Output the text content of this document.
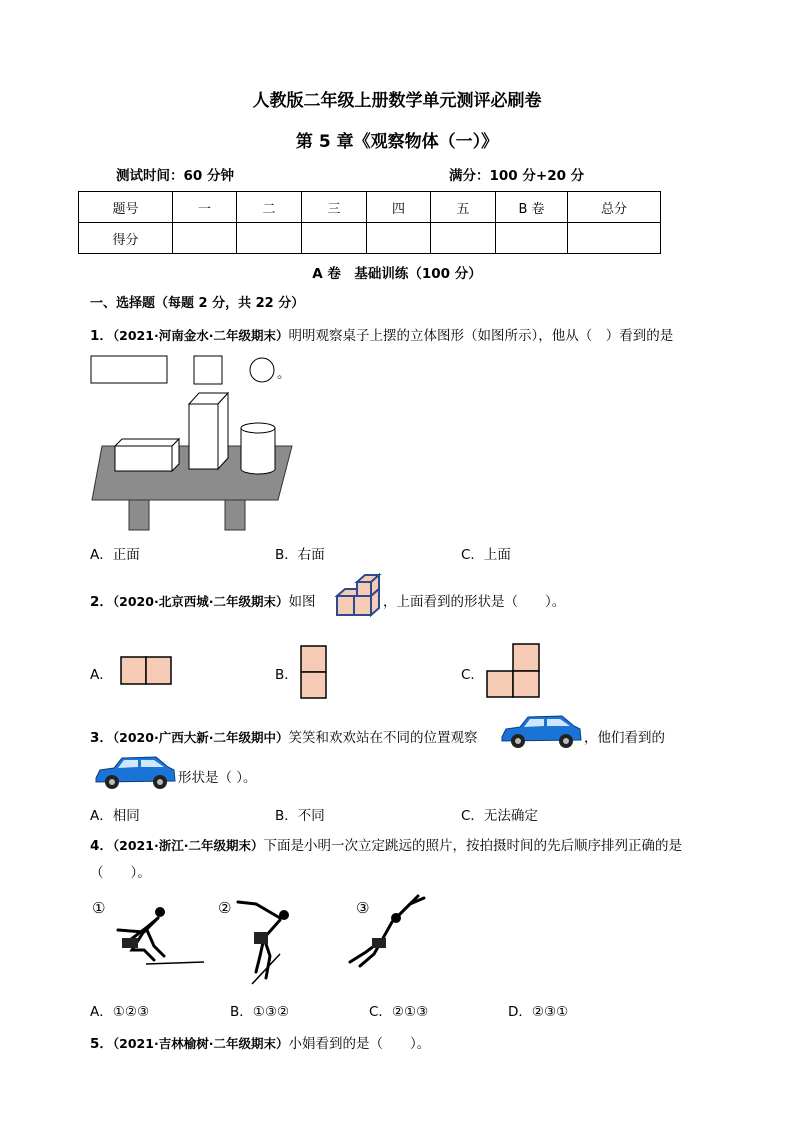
人教版二年级上册数学单元测评必刷卷
第 5 章《观察物体（一）》
测试时间：60 分钟	满分：100 分+20 分
题号	一	二	三	四	五	B 卷	总分
得分							
A 卷　基础训练（100 分）
一、选择题（每题 2 分，共 22 分）
1．（2021·河南金水·二年级期末）明明观察桌子上摆的立体图形（如图所示），他从（　）看到的是
。
A．正面	B．右面	C．上面
2．（2020·北京西城·二年级期末）如图	，上面看到的形状是（　　）。
A．	B．	C．
3．（2020·广西大新·二年级期中）笑笑和欢欢站在不同的位置观察	，他们看到的
形状是（ ）。
A．相同	B．不同	C．无法确定
4．（2021·浙江·二年级期末）下面是小明一次立定跳远的照片，按拍摄时间的先后顺序排列正确的是
（　　）。
①	②	③
A．①②③	B．①③②	C．②①③	D．②③①
5．（2021·吉林榆树·二年级期末）小娟看到的是（　　）。
